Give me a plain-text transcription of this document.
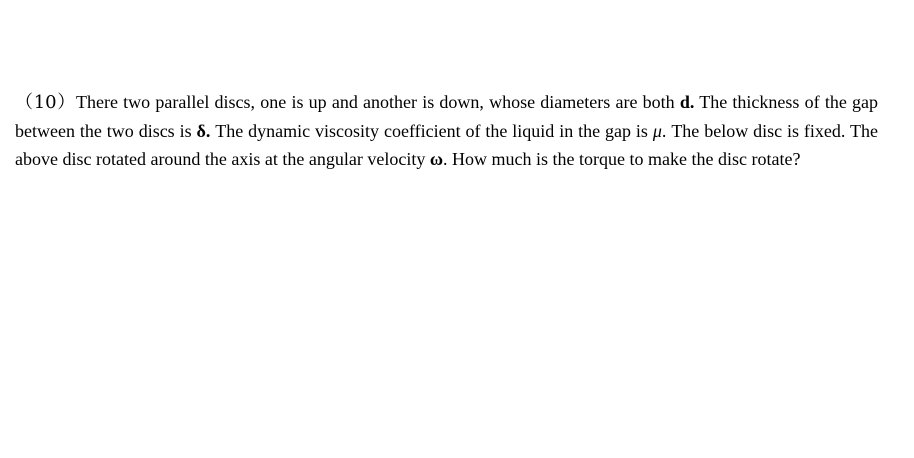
（10）There two parallel discs, one is up and another is down, whose diameters are both d. The thickness of the gap between the two discs is δ. The dynamic viscosity coefficient of the liquid in the gap is μ. The below disc is fixed. The above disc rotated around the axis at the angular velocity ω. How much is the torque to make the disc rotate?
